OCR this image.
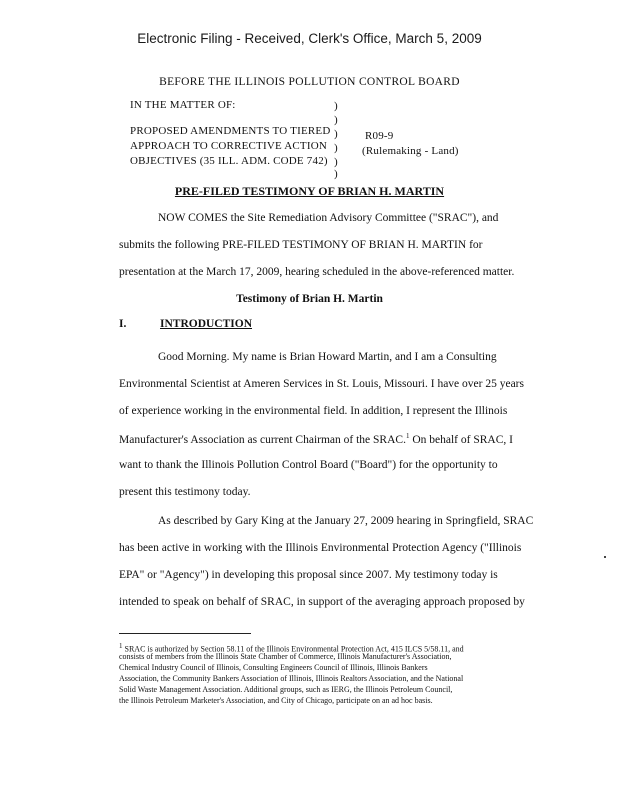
Electronic Filing - Received, Clerk's Office, March 5, 2009
BEFORE THE ILLINOIS POLLUTION CONTROL BOARD
IN THE MATTER OF:
PROPOSED AMENDMENTS TO TIERED
APPROACH TO CORRECTIVE ACTION
OBJECTIVES (35 ILL. ADM. CODE 742)
)
)
)
)
)
)
R09-9
(Rulemaking - Land)
PRE-FILED TESTIMONY OF BRIAN H. MARTIN
NOW COMES the Site Remediation Advisory Committee ("SRAC"), and
submits the following PRE-FILED TESTIMONY OF BRIAN H. MARTIN for
presentation at the March 17, 2009, hearing scheduled in the above-referenced matter.
Testimony of Brian H. Martin
I.	INTRODUCTION
Good Morning. My name is Brian Howard Martin, and I am a Consulting
Environmental Scientist at Ameren Services in St. Louis, Missouri. I have over 25 years
of experience working in the environmental field. In addition, I represent the Illinois
Manufacturer's Association as current Chairman of the SRAC.$^1$ On behalf of SRAC, I
want to thank the Illinois Pollution Control Board ("Board") for the opportunity to
present this testimony today.
As described by Gary King at the January 27, 2009 hearing in Springfield, SRAC
has been active in working with the Illinois Environmental Protection Agency ("Illinois
EPA" or "Agency") in developing this proposal since 2007. My testimony today is
intended to speak on behalf of SRAC, in support of the averaging approach proposed by
$^1$ SRAC is authorized by Section 58.11 of the Illinois Environmental Protection Act, 415 ILCS 5/58.11, and
consists of members from the Illinois State Chamber of Commerce, Illinois Manufacturer's Association,
Chemical Industry Council of Illinois, Consulting Engineers Council of Illinois, Illinois Bankers
Association, the Community Bankers Association of Illinois, Illinois Realtors Association, and the National
Solid Waste Management Association. Additional groups, such as IERG, the Illinois Petroleum Council,
the Illinois Petroleum Marketer's Association, and City of Chicago, participate on an ad hoc basis.
